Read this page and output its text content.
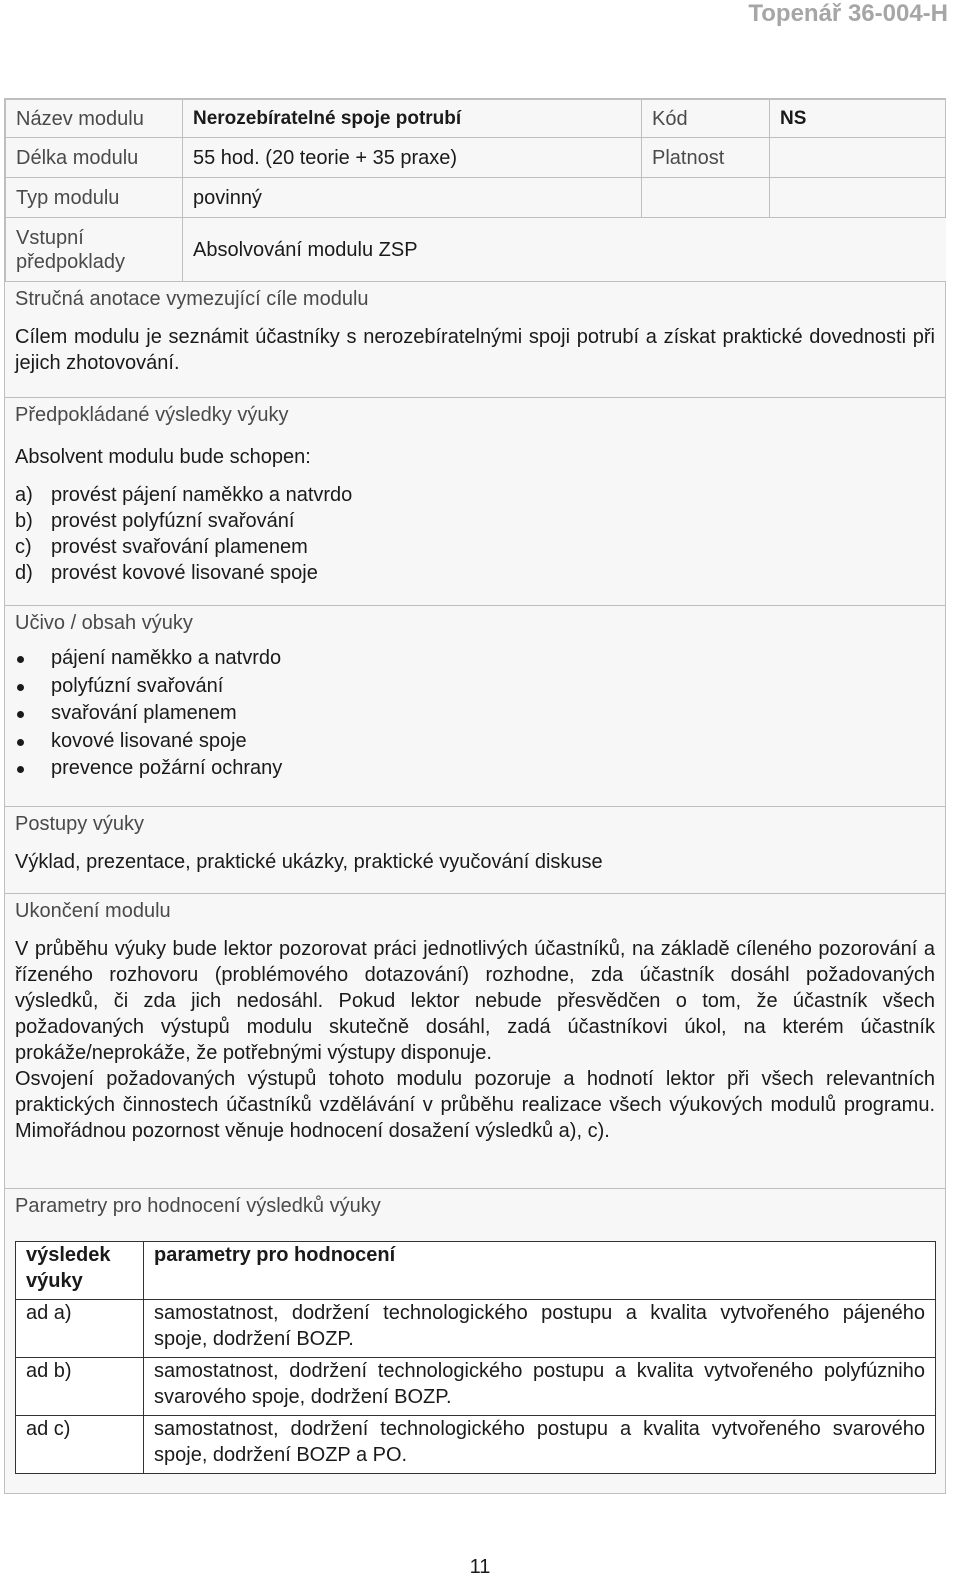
Topenář 36-004-H
Název modulu	Nerozebíratelné spoje potrubí	Kód	NS
Délka modulu	55 hod. (20 teorie + 35 praxe)	Platnost	
Typ modulu	povinný		
Vstupní předpoklady	Absolvování modulu ZSP		
Stručná anotace vymezující cíle modulu

Cílem modulu je seznámit účastníky s nerozebíratelnými spoji potrubí a získat praktické dovednosti při jejich zhotovování.

Předpokládané výsledky výuky

Absolvent modulu bude schopen:

a) provést pájení naměkko a natvrdo
b) provést polyfúzní svařování
c) provést svařování plamenem
d) provést kovové lisované spoje
Učivo / obsah výuky
pájení naměkko a natvrdo
polyfúzní svařování
svařování plamenem
kovové lisované spoje
prevence požární ochrany
Postupy výuky

Výklad, prezentace, praktické ukázky, praktické vyučování diskuse

Ukončení modulu

V průběhu výuky bude lektor pozorovat práci jednotlivých účastníků, na základě cíleného pozorování a řízeného rozhovoru (problémového dotazování) rozhodne, zda účastník dosáhl požadovaných výsledků, či zda jich nedosáhl. Pokud lektor nebude přesvědčen o tom, že účastník všech požadovaných výstupů modulu skutečně dosáhl, zadá účastníkovi úkol, na kterém účastník prokáže/neprokáže, že potřebnými výstupy disponuje.

Osvojení požadovaných výstupů tohoto modulu pozoruje a hodnotí lektor při všech relevantních praktických činnostech účastníků vzdělávání v průběhu realizace všech výukových modulů programu. Mimořádnou pozornost věnuje hodnocení dosažení výsledků a), c).

Parametry pro hodnocení výsledků výuky
výsledek výuky	parametry pro hodnocení
ad a)	samostatnost, dodržení technologického postupu a kvalita vytvořeného pájeného spoje, dodržení BOZP.
ad b)	samostatnost, dodržení technologického postupu a kvalita vytvořeného polyfúzniho svarového spoje, dodržení BOZP.
ad c)	samostatnost, dodržení technologického postupu a kvalita vytvořeného svarového spoje, dodržení BOZP a PO.
11
